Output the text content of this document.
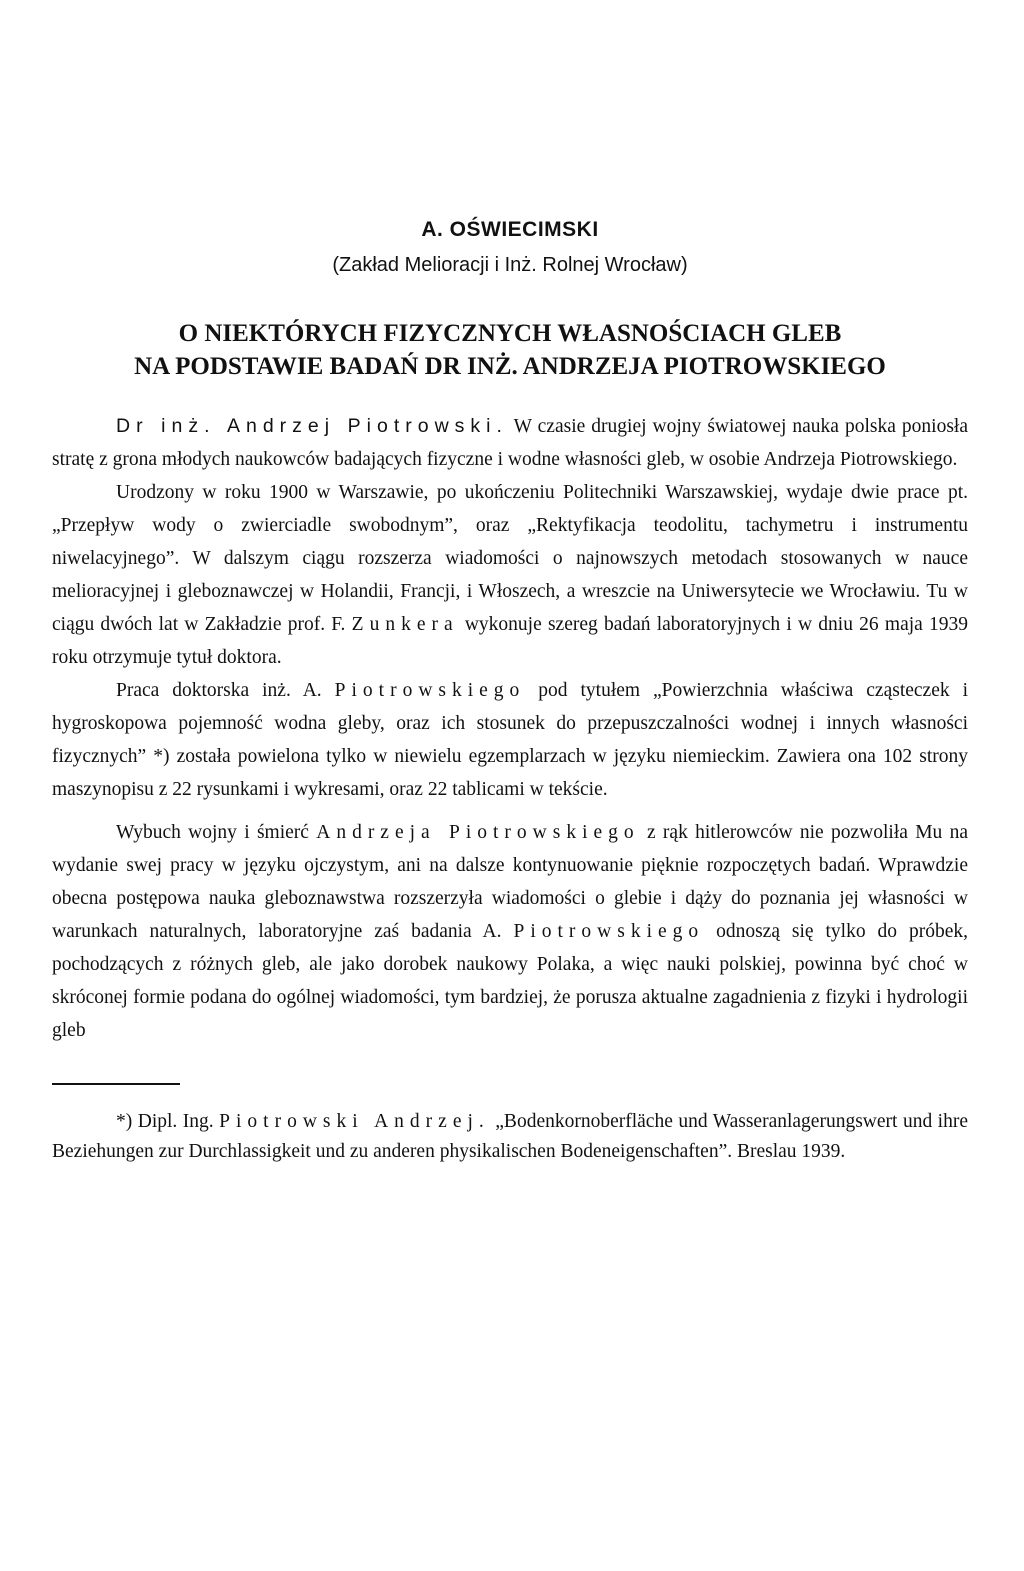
A. OŚWIECIMSKI

(Zakład Melioracji i Inż. Rolnej Wrocław)

O NIEKTÓRYCH FIZYCZNYCH WŁASNOŚCIACH GLEB
NA PODSTAWIE BADAŃ DR INŻ. ANDRZEJA PIOTROWSKIEGO

Dr inż. Andrzej Piotrowski. W czasie drugiej wojny światowej nauka polska poniosła stratę z grona młodych naukowców badających fizyczne i wodne własności gleb, w osobie Andrzeja Piotrowskiego.

Urodzony w roku 1900 w Warszawie, po ukończeniu Politechniki Warszawskiej, wydaje dwie prace pt. „Przepływ wody o zwierciadle swobodnym”, oraz „Rektyfikacja teodolitu, tachymetru i instrumentu niwelacyjnego”. W dalszym ciągu rozszerza wiadomości o najnowszych metodach stosowanych w nauce melioracyjnej i gleboznawczej w Holandii, Francji, i Włoszech, a wreszcie na Uniwersytecie we Wrocławiu. Tu w ciągu dwóch lat w Zakładzie prof. F. Zunkera wykonuje szereg badań laboratoryjnych i w dniu 26 maja 1939 roku otrzymuje tytuł doktora.

Praca doktorska inż. A. Piotrowskiego pod tytułem „Powierzchnia właściwa cząsteczek i hygroskopowa pojemność wodna gleby, oraz ich stosunek do przepuszczalności wodnej i innych własności fizycznych” *) została powielona tylko w niewielu egzemplarzach w języku niemieckim. Zawiera ona 102 strony maszynopisu z 22 rysunkami i wykresami, oraz 22 tablicami w tekście.

Wybuch wojny i śmierć Andrzeja Piotrowskiego z rąk hitlerowców nie pozwoliła Mu na wydanie swej pracy w języku ojczystym, ani na dalsze kontynuowanie pięknie rozpoczętych badań. Wprawdzie obecna postępowa nauka gleboznawstwa rozszerzyła wiadomości o glebie i dąży do poznania jej własności w warunkach naturalnych, laboratoryjne zaś badania A. Piotrowskiego odnoszą się tylko do próbek, pochodzących z różnych gleb, ale jako dorobek naukowy Polaka, a więc nauki polskiej, powinna być choć w skróconej formie podana do ogólnej wiadomości, tym bardziej, że porusza aktualne zagadnienia z fizyki i hydrologii gleb

*) Dipl. Ing. Piotrowski Andrzej. „Bodenkornoberfläche und Wasseranlagerungswert und ihre Beziehungen zur Durchlassigkeit und zu anderen physikalischen Bodeneigenschaften”. Breslau 1939.
